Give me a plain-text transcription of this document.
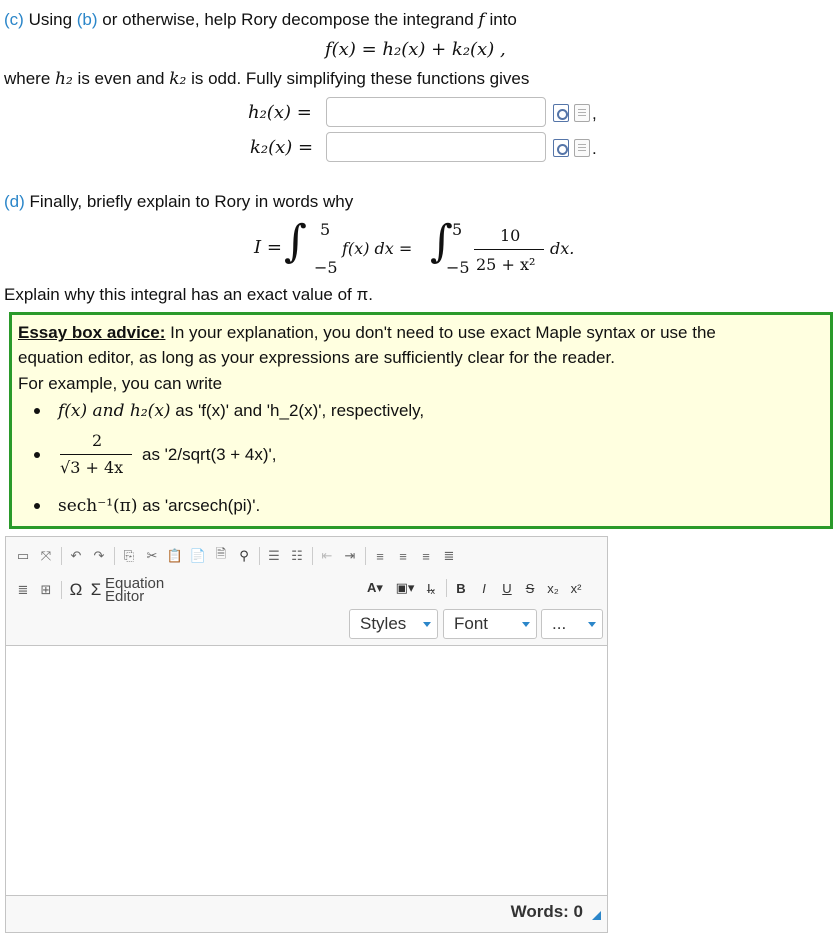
(c) Using (b) or otherwise, help Rory decompose the integrand f into
f(x) = h₂(x) + k₂(x) ,
where h₂ is even and k₂ is odd. Fully simplifying these functions gives
h₂(x) =	,
k₂(x) =	.
(d) Finally, briefly explain to Rory in words why
I = ∫ 5
−5
f(x) dx = ∫ 5
−5
10
25 + x²
dx.
Explain why this integral has an exact value of π.
Essay box advice: In your explanation, you don't need to use exact Maple syntax or use the
equation editor, as long as your expressions are sufficiently clear for the reader.
For example, you can write
f(x) and h₂(x) as 'f(x)' and 'h_2(x)', respectively,
2
√3 + 4x
as '2/sqrt(3 + 4x)',
sech⁻¹(π) as 'arcsech(pi)'.
▭ ⤧	↶ ↷	⎘ ✂ 📋 📄 🗎	⚲	☰ ☷	⇤ ⇥	≡	≡	≡	≣
≣ ⊞	Ω Σ Equation Editor
A▾ ▣▾ I̶ₓ	B	I	U	S x₂ x²
Styles	Font	...
Words: 0
